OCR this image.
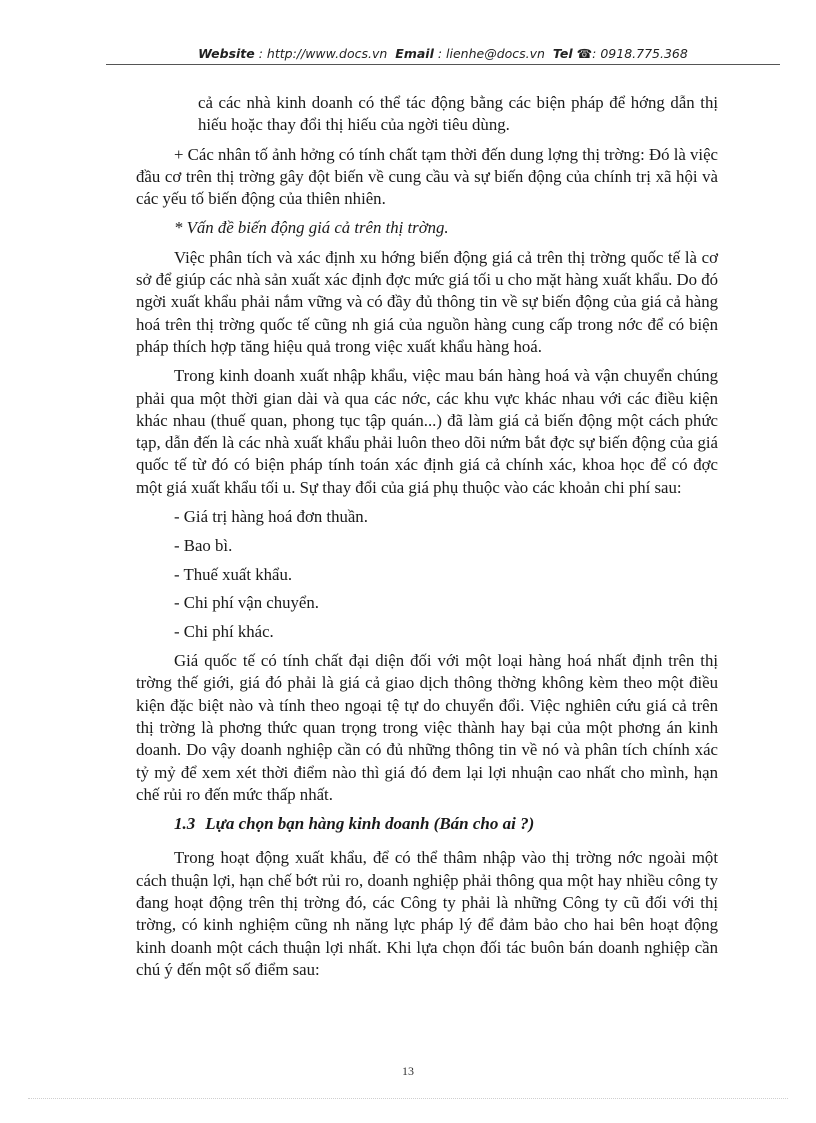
Website : http://www.docs.vn Email : lienhe@docs.vn Tel ☎: 0918.775.368

cả các nhà kinh doanh có thể tác động bằng các biện pháp để hớng dẫn thị hiếu hoặc thay đổi thị hiếu của ngời tiêu dùng.

+ Các nhân tố ảnh hởng có tính chất tạm thời đến dung lợng thị trờng: Đó là việc đầu cơ trên thị trờng gây đột biến về cung cầu và sự biến động của chính trị xã hội và các yếu tố biến động của thiên nhiên.

* Vấn đề biến động giá cả trên thị trờng.

Việc phân tích và xác định xu hớng biến động giá cả trên thị trờng quốc tế là cơ sở để giúp các nhà sản xuất xác định đợc mức giá tối u cho mặt hàng xuất khẩu. Do đó ngời xuất khẩu phải nắm vững và có đầy đủ thông tin về sự biến động của giá cả hàng hoá trên thị trờng quốc tế cũng nh giá của nguồn hàng cung cấp trong nớc để có biện pháp thích hợp tăng hiệu quả trong việc xuất khẩu hàng hoá.

Trong kinh doanh xuất nhập khẩu, việc mau bán hàng hoá và vận chuyển chúng phải qua một thời gian dài và qua các nớc, các khu vực khác nhau với các điều kiện khác nhau (thuế quan, phong tục tập quán...) đã làm giá cả biến động một cách phức tạp, dẫn đến là các nhà xuất khẩu phải luôn theo dõi nứm bắt đợc sự biến động của giá quốc tế từ đó có biện pháp tính toán xác định giá cả chính xác, khoa học để có đợc một giá xuất khẩu tối u. Sự thay đổi của giá phụ thuộc vào các khoản chi phí sau:

- Giá trị hàng hoá đơn thuần.

- Bao bì.

- Thuế xuất khẩu.

- Chi phí vận chuyển.

- Chi phí khác.

Giá quốc tế có tính chất đại diện đối với một loại hàng hoá nhất định trên thị trờng thế giới, giá đó phải là giá cả giao dịch thông thờng không kèm theo một điều kiện đặc biệt nào và tính theo ngoại tệ tự do chuyển đổi. Việc nghiên cứu giá cả trên thị trờng là phơng thức quan trọng trong việc thành hay bại của một phơng án kinh doanh. Do vậy doanh nghiệp cần có đủ những thông tin về nó và phân tích chính xác tỷ mỷ để xem xét thời điểm nào thì giá đó đem lại lợi nhuận cao nhất cho mình, hạn chế rủi ro đến mức thấp nhất.

1.3 Lựa chọn bạn hàng kinh doanh (Bán cho ai ?)

Trong hoạt động xuất khẩu, để có thể thâm nhập vào thị trờng nớc ngoài một cách thuận lợi, hạn chế bớt rủi ro, doanh nghiệp phải thông qua một hay nhiều công ty đang hoạt động trên thị trờng đó, các Công ty phải là những Công ty cũ đối với thị trờng, có kinh nghiệm cũng nh năng lực pháp lý để đảm bảo cho hai bên hoạt động kinh doanh một cách thuận lợi nhất. Khi lựa chọn đối tác buôn bán doanh nghiệp cần chú ý đến một số điểm sau:

13
